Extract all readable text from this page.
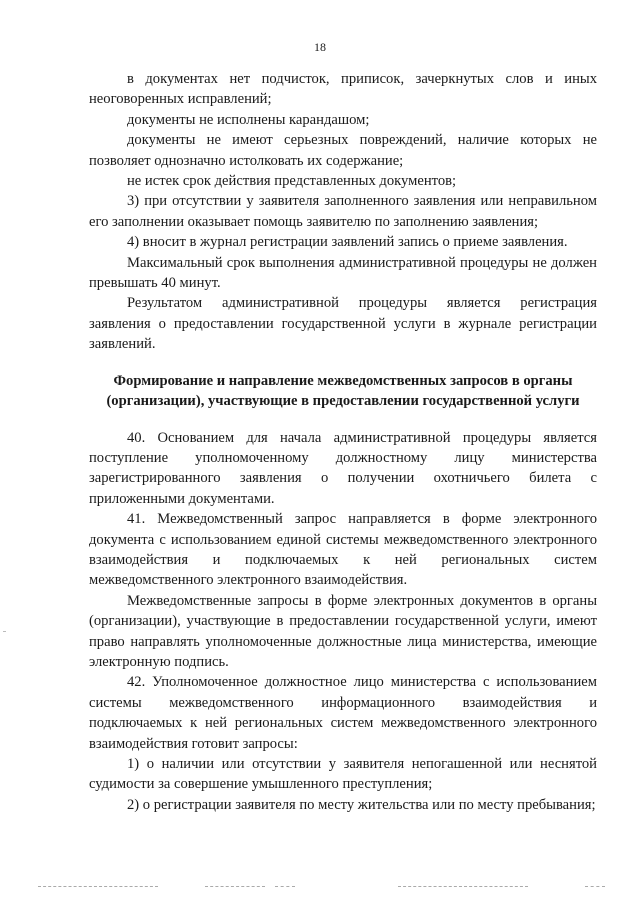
18

в документах нет подчисток, приписок, зачеркнутых слов и иных неоговоренных исправлений;

документы не исполнены карандашом;

документы не имеют серьезных повреждений, наличие которых не позволяет однозначно истолковать их содержание;

не истек срок действия представленных документов;

3) при отсутствии у заявителя заполненного заявления или неправильном его заполнении оказывает помощь заявителю по заполнению заявления;

4) вносит в журнал регистрации заявлений запись о приеме заявления.

Максимальный срок выполнения административной процедуры не должен превышать 40 минут.

Результатом административной процедуры является регистрация заявления о предоставлении государственной услуги в журнале регистрации заявлений.

Формирование и направление межведомственных запросов в органы (организации), участвующие в предоставлении государственной услуги

40. Основанием для начала административной процедуры является поступление уполномоченному должностному лицу министерства зарегистрированного заявления о получении охотничьего билета с приложенными документами.

41. Межведомственный запрос направляется в форме электронного документа с использованием единой системы межведомственного электронного взаимодействия и подключаемых к ней региональных систем межведомственного электронного взаимодействия.

Межведомственные запросы в форме электронных документов в органы (организации), участвующие в предоставлении государственной услуги, имеют право направлять уполномоченные должностные лица министерства, имеющие электронную подпись.

42. Уполномоченное должностное лицо министерства с использованием системы межведомственного информационного взаимодействия и подключаемых к ней региональных систем межведомственного электронного взаимодействия готовит запросы:

1) о наличии или отсутствии у заявителя непогашенной или неснятой судимости за совершение умышленного преступления;

2) о регистрации заявителя по месту жительства или по месту пребывания;
